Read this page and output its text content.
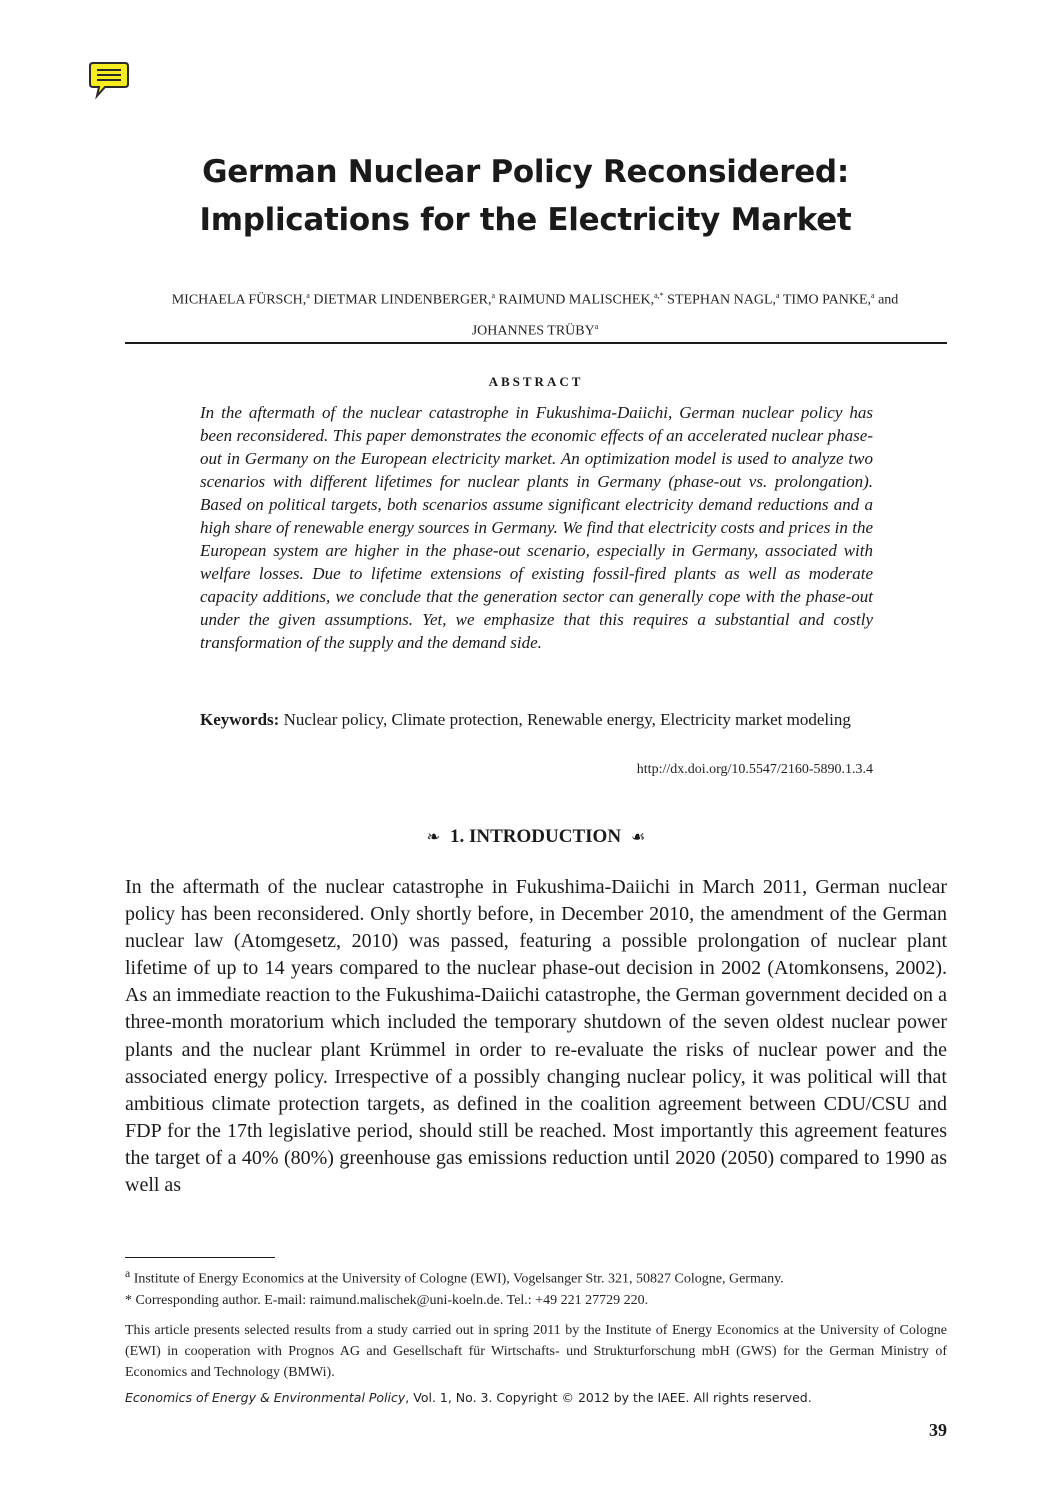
German Nuclear Policy Reconsidered:
Implications for the Electricity Market
MICHAELA FÜRSCH,$^a$ DIETMAR LINDENBERGER,$^a$ RAIMUND MALISCHEK,$^{a,*}$ STEPHAN NAGL,$^a$ TIMO PANKE,$^a$ and
JOHANNES TRÜBY$^a$
ABSTRACT
In the aftermath of the nuclear catastrophe in Fukushima-Daiichi, German nuclear policy has been reconsidered. This paper demonstrates the economic effects of an accelerated nuclear phase-out in Germany on the European electricity market. An optimization model is used to analyze two scenarios with different lifetimes for nuclear plants in Germany (phase-out vs. prolongation). Based on political targets, both scenarios assume significant electricity demand reductions and a high share of renewable energy sources in Germany. We find that electricity costs and prices in the European system are higher in the phase-out scenario, especially in Germany, associated with welfare losses. Due to lifetime extensions of existing fossil-fired plants as well as moderate capacity additions, we conclude that the generation sector can generally cope with the phase-out under the given assumptions. Yet, we emphasize that this requires a substantial and costly transformation of the supply and the demand side.
Keywords: Nuclear policy, Climate protection, Renewable energy, Electricity market modeling
http://dx.doi.org/10.5547/2160-5890.1.3.4
❧ 1. INTRODUCTION ☙
In the aftermath of the nuclear catastrophe in Fukushima-Daiichi in March 2011, German nuclear policy has been reconsidered. Only shortly before, in December 2010, the amendment of the German nuclear law (Atomgesetz, 2010) was passed, featuring a possible prolongation of nuclear plant lifetime of up to 14 years compared to the nuclear phase-out decision in 2002 (Atomkonsens, 2002). As an immediate reaction to the Fukushima-Daiichi catastrophe, the German government decided on a three-month moratorium which included the temporary shutdown of the seven oldest nuclear power plants and the nuclear plant Krümmel in order to re-evaluate the risks of nuclear power and the associated energy policy. Irrespective of a possibly changing nuclear policy, it was political will that ambitious climate protection targets, as defined in the coalition agreement between CDU/CSU and FDP for the 17th legislative period, should still be reached. Most importantly this agreement features the target of a 40% (80%) greenhouse gas emissions reduction until 2020 (2050) compared to 1990 as well as
$^a$ Institute of Energy Economics at the University of Cologne (EWI), Vogelsanger Str. 321, 50827 Cologne, Germany.
* Corresponding author. E-mail: raimund.malischek@uni-koeln.de. Tel.: +49 221 27729 220.
This article presents selected results from a study carried out in spring 2011 by the Institute of Energy Economics at the University of Cologne (EWI) in cooperation with Prognos AG and Gesellschaft für Wirtschafts- und Strukturforschung mbH (GWS) for the German Ministry of Economics and Technology (BMWi).
Economics of Energy & Environmental Policy, Vol. 1, No. 3. Copyright © 2012 by the IAEE. All rights reserved.
39
